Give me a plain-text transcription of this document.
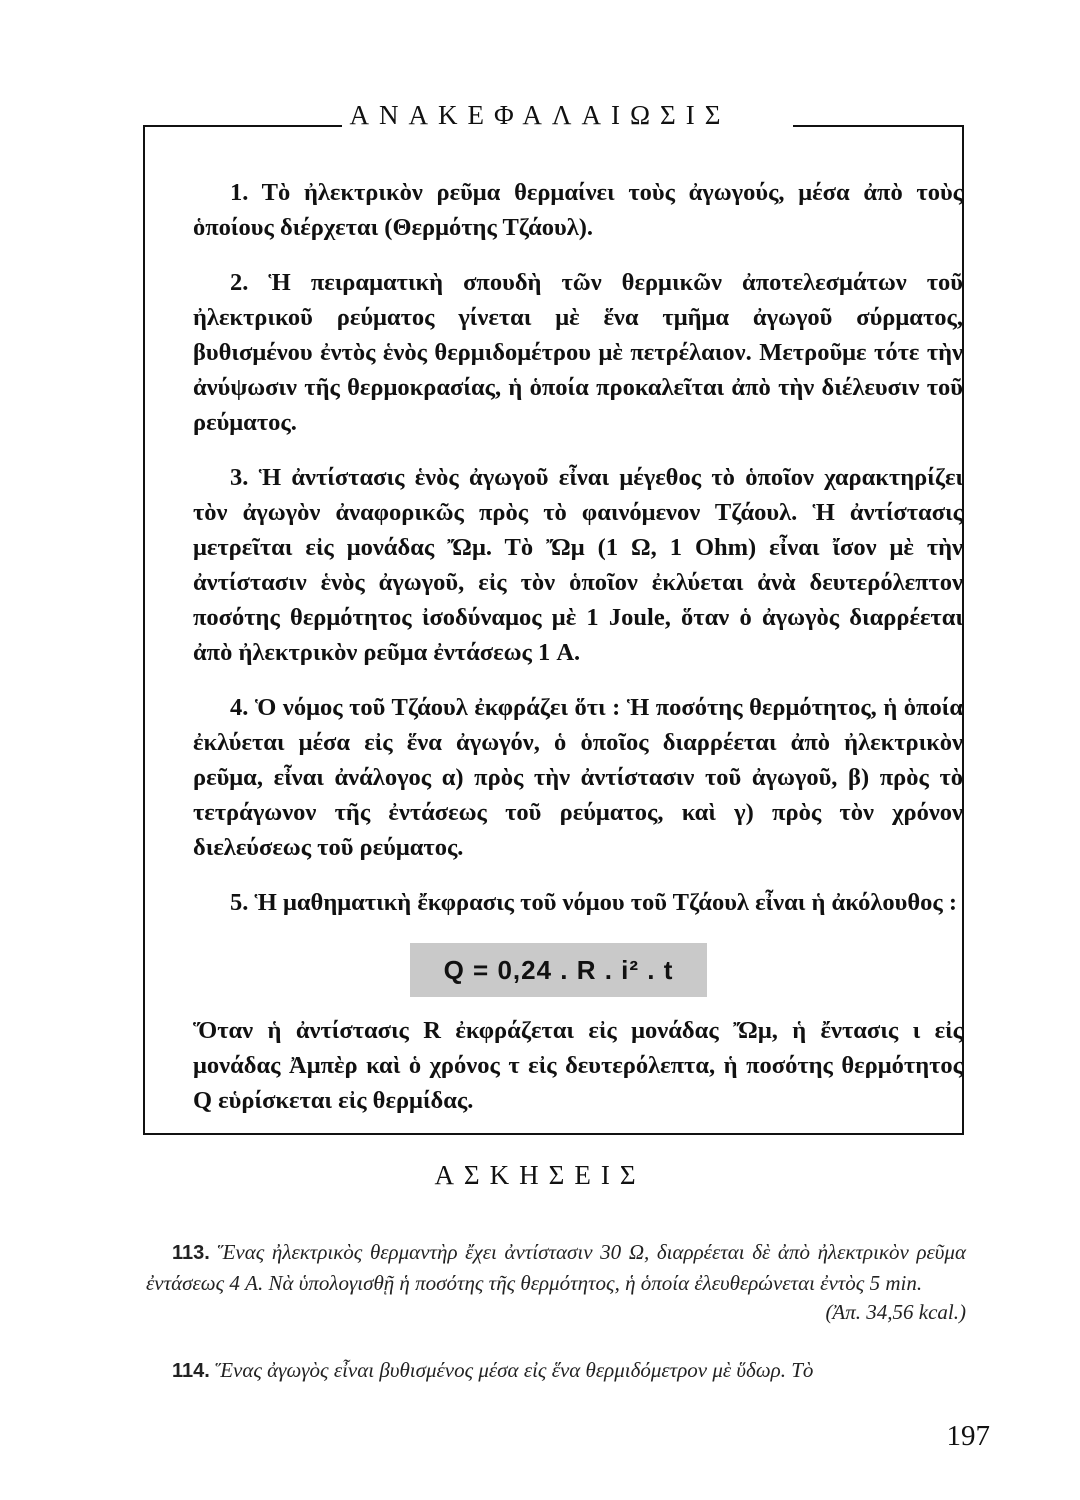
ΑΝΑΚΕΦΑΛΑΙΩΣΙΣ

1. Τὸ ἠλεκτρικὸν ρεῦμα θερμαίνει τοὺς ἀγωγούς, μέσα ἀπὸ τοὺς ὁποίους διέρχεται (Θερμότης Τζάουλ).

2. Ἡ πειραματικὴ σπουδὴ τῶν θερμικῶν ἀποτελεσμάτων τοῦ ἠλεκτρικοῦ ρεύματος γίνεται μὲ ἕνα τμῆμα ἀγωγοῦ σύρματος, βυθισμένου ἐντὸς ἑνὸς θερμιδομέτρου μὲ πετρέλαιον. Μετροῦμε τότε τὴν ἀνύψωσιν τῆς θερμοκρασίας, ἡ ὁποία προκαλεῖται ἀπὸ τὴν διέλευσιν τοῦ ρεύματος.

3. Ἡ ἀντίστασις ἑνὸς ἀγωγοῦ εἶναι μέγεθος τὸ ὁποῖον χαρακτηρίζει τὸν ἀγωγὸν ἀναφορικῶς πρὸς τὸ φαινόμενον Τζάουλ. Ἡ ἀντίστασις μετρεῖται εἰς μονάδας Ὤμ. Τὸ Ὤμ (1 Ω, 1 Ohm) εἶναι ἴσον μὲ τὴν ἀντίστασιν ἑνὸς ἀγωγοῦ, εἰς τὸν ὁποῖον ἐκλύεται ἀνὰ δευτερόλεπτον ποσότης θερμότητος ἰσοδύναμος μὲ 1 Joule, ὅταν ὁ ἀγωγὸς διαρρέεται ἀπὸ ἠλεκτρικὸν ρεῦμα ἐντάσεως 1 A.

4. Ὁ νόμος τοῦ Τζάουλ ἐκφράζει ὅτι : Ἡ ποσότης θερμότητος, ἡ ὁποία ἐκλύεται μέσα εἰς ἕνα ἀγωγόν, ὁ ὁποῖος διαρρέεται ἀπὸ ἠλεκτρικὸν ρεῦμα, εἶναι ἀνάλογος α) πρὸς τὴν ἀντίστασιν τοῦ ἀγωγοῦ, β) πρὸς τὸ τετράγωνον τῆς ἐντάσεως τοῦ ρεύματος, καὶ γ) πρὸς τὸν χρόνον διελεύσεως τοῦ ρεύματος.

5. Ἡ μαθηματικὴ ἔκφρασις τοῦ νόμου τοῦ Τζάουλ εἶναι ἡ ἀκόλουθος :

Q = 0,24 . R . i² . t

Ὅταν ἡ ἀντίστασις R ἐκφράζεται εἰς μονάδας Ὤμ, ἡ ἔντασις ι εἰς μονάδας Ἀμπὲρ καὶ ὁ χρόνος τ εἰς δευτερόλεπτα, ἡ ποσότης θερμότητος Q εὑρίσκεται εἰς θερμίδας.

ΑΣΚΗΣΕΙΣ
113. Ἕνας ἠλεκτρικὸς θερμαντὴρ ἔχει ἀντίστασιν 30 Ω, διαρρέεται δὲ ἀπὸ ἠλεκτρικὸν ρεῦμα ἐντάσεως 4 A. Νὰ ὑπολογισθῇ ἡ ποσότης τῆς θερμότητος, ἡ ὁποία ἐλευθερώνεται ἐντὸς 5 min.
(Ἀπ. 34,56 kcal.)
114. Ἕνας ἀγωγὸς εἶναι βυθισμένος μέσα εἰς ἕνα θερμιδόμετρον μὲ ὕδωρ. Τὸ
197
